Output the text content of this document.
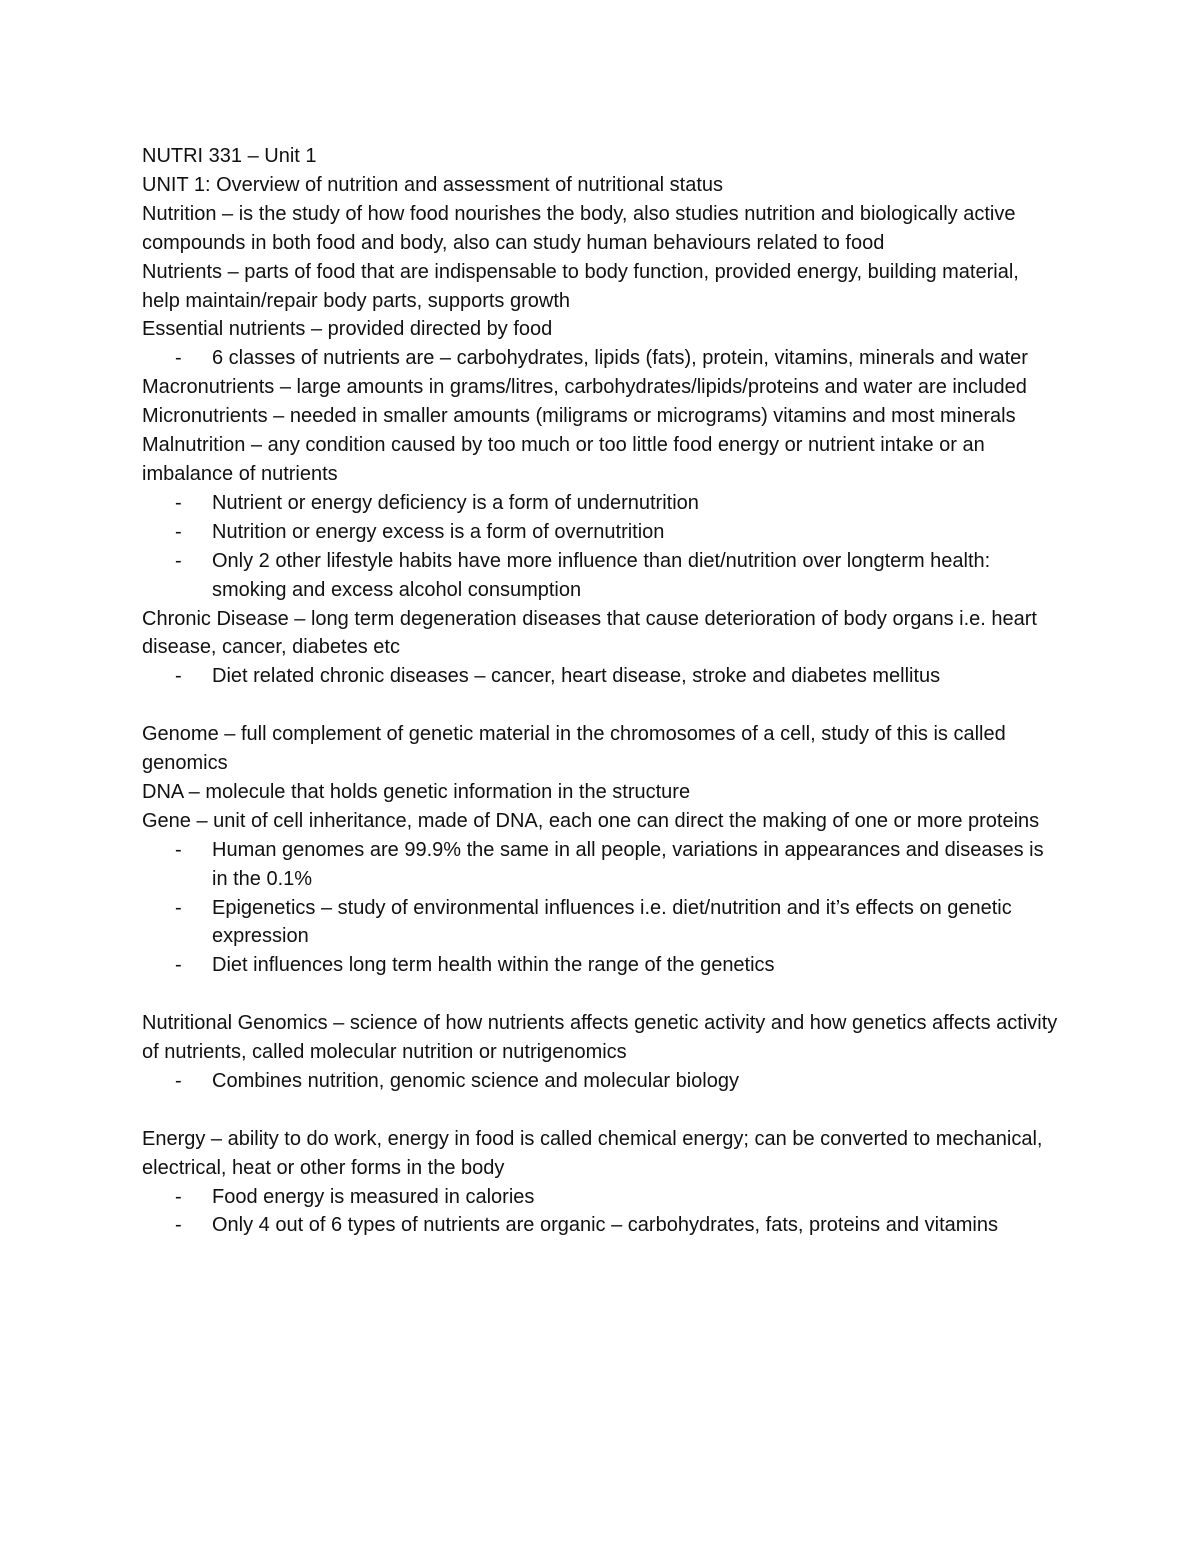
NUTRI 331 – Unit 1

UNIT 1: Overview of nutrition and assessment of nutritional status

Nutrition – is the study of how food nourishes the body, also studies nutrition and biologically active compounds in both food and body, also can study human behaviours related to food

Nutrients – parts of food that are indispensable to body function, provided energy, building material, help maintain/repair body parts, supports growth

Essential nutrients – provided directed by food

- 6 classes of nutrients are – carbohydrates, lipids (fats), protein, vitamins, minerals and water

Macronutrients – large amounts in grams/litres, carbohydrates/lipids/proteins and water are included

Micronutrients – needed in smaller amounts (miligrams or micrograms) vitamins and most minerals

Malnutrition – any condition caused by too much or too little food energy or nutrient intake or an imbalance of nutrients

- Nutrient or energy deficiency is a form of undernutrition

- Nutrition or energy excess is a form of overnutrition

- Only 2 other lifestyle habits have more influence than diet/nutrition over longterm health: smoking and excess alcohol consumption

Chronic Disease – long term degeneration diseases that cause deterioration of body organs i.e. heart disease, cancer, diabetes etc

- Diet related chronic diseases – cancer, heart disease, stroke and diabetes mellitus

Genome – full complement of genetic material in the chromosomes of a cell, study of this is called genomics

DNA – molecule that holds genetic information in the structure

Gene – unit of cell inheritance, made of DNA, each one can direct the making of one or more proteins

- Human genomes are 99.9% the same in all people, variations in appearances and diseases is in the 0.1%

- Epigenetics – study of environmental influences i.e. diet/nutrition and it’s effects on genetic expression

- Diet influences long term health within the range of the genetics

Nutritional Genomics – science of how nutrients affects genetic activity and how genetics affects activity of nutrients, called molecular nutrition or nutrigenomics

- Combines nutrition, genomic science and molecular biology

Energy – ability to do work, energy in food is called chemical energy; can be converted to mechanical, electrical, heat or other forms in the body

- Food energy is measured in calories

- Only 4 out of 6 types of nutrients are organic – carbohydrates, fats, proteins and vitamins
